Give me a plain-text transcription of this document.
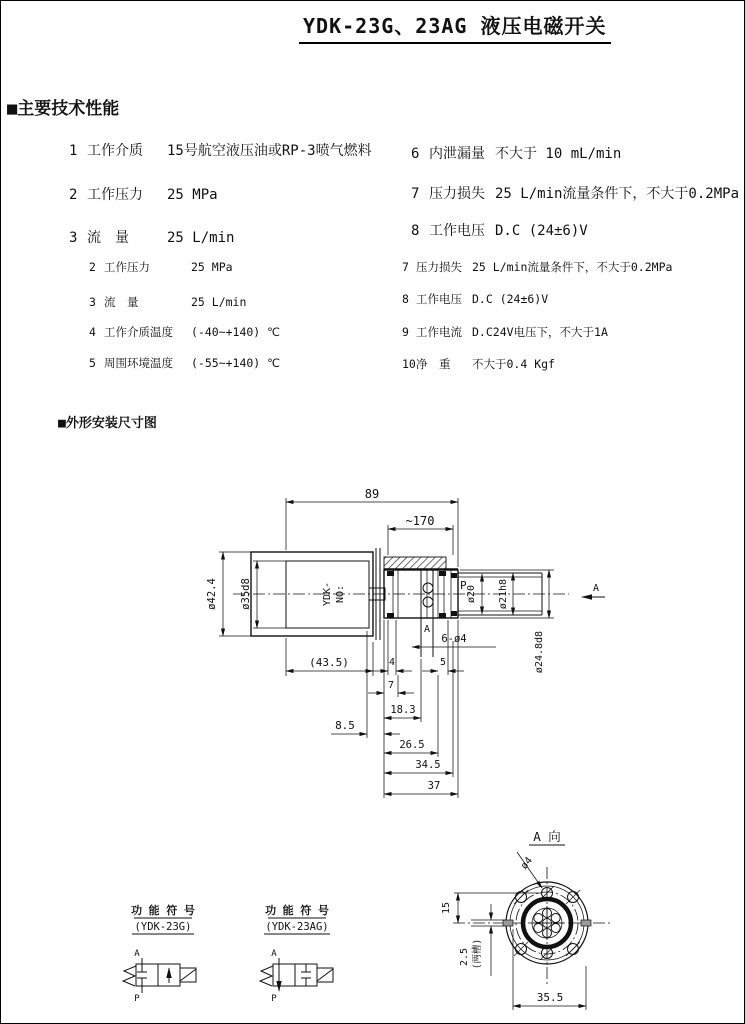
YDK-23G、23AG 液压电磁开关
■主要技术性能
1 工作介质	15号航空液压油或RP-3喷气燃料
2 工作压力	25 MPa
3 流　量	25 L/min
6 内泄漏量 不大于 10 mL/min
7 压力损失 25 L/min流量条件下，不大于0.2MPa
8 工作电压 D.C (24±6)V
2 工作压力	25 MPa
3 流　量	25 L/min
4 工作介质温度	(-40~+140) ℃
5 周围环境温度	(-55~+140) ℃
7 压力损失 25 L/min流量条件下，不大于0.2MPa
8 工作电压 D.C (24±6)V
9 工作电流 D.C24V电压下，不大于1A
10 净　重	不大于0.4 Kgf
■外形安装尺寸图
YDK- NO:	P
A
89
~170
ø42.4 ø35d8
(43.5)	4	5
7
18.3
8.5
26.5
34.5
37
6-ø4
ø20 ø21h8
ø24.8d8
A
A 向
ø4
15
2.5 (两槽)
35.5
功 能 符 号
(YDK-23G)
A
P
功 能 符 号
(YDK-23AG)
A
P
